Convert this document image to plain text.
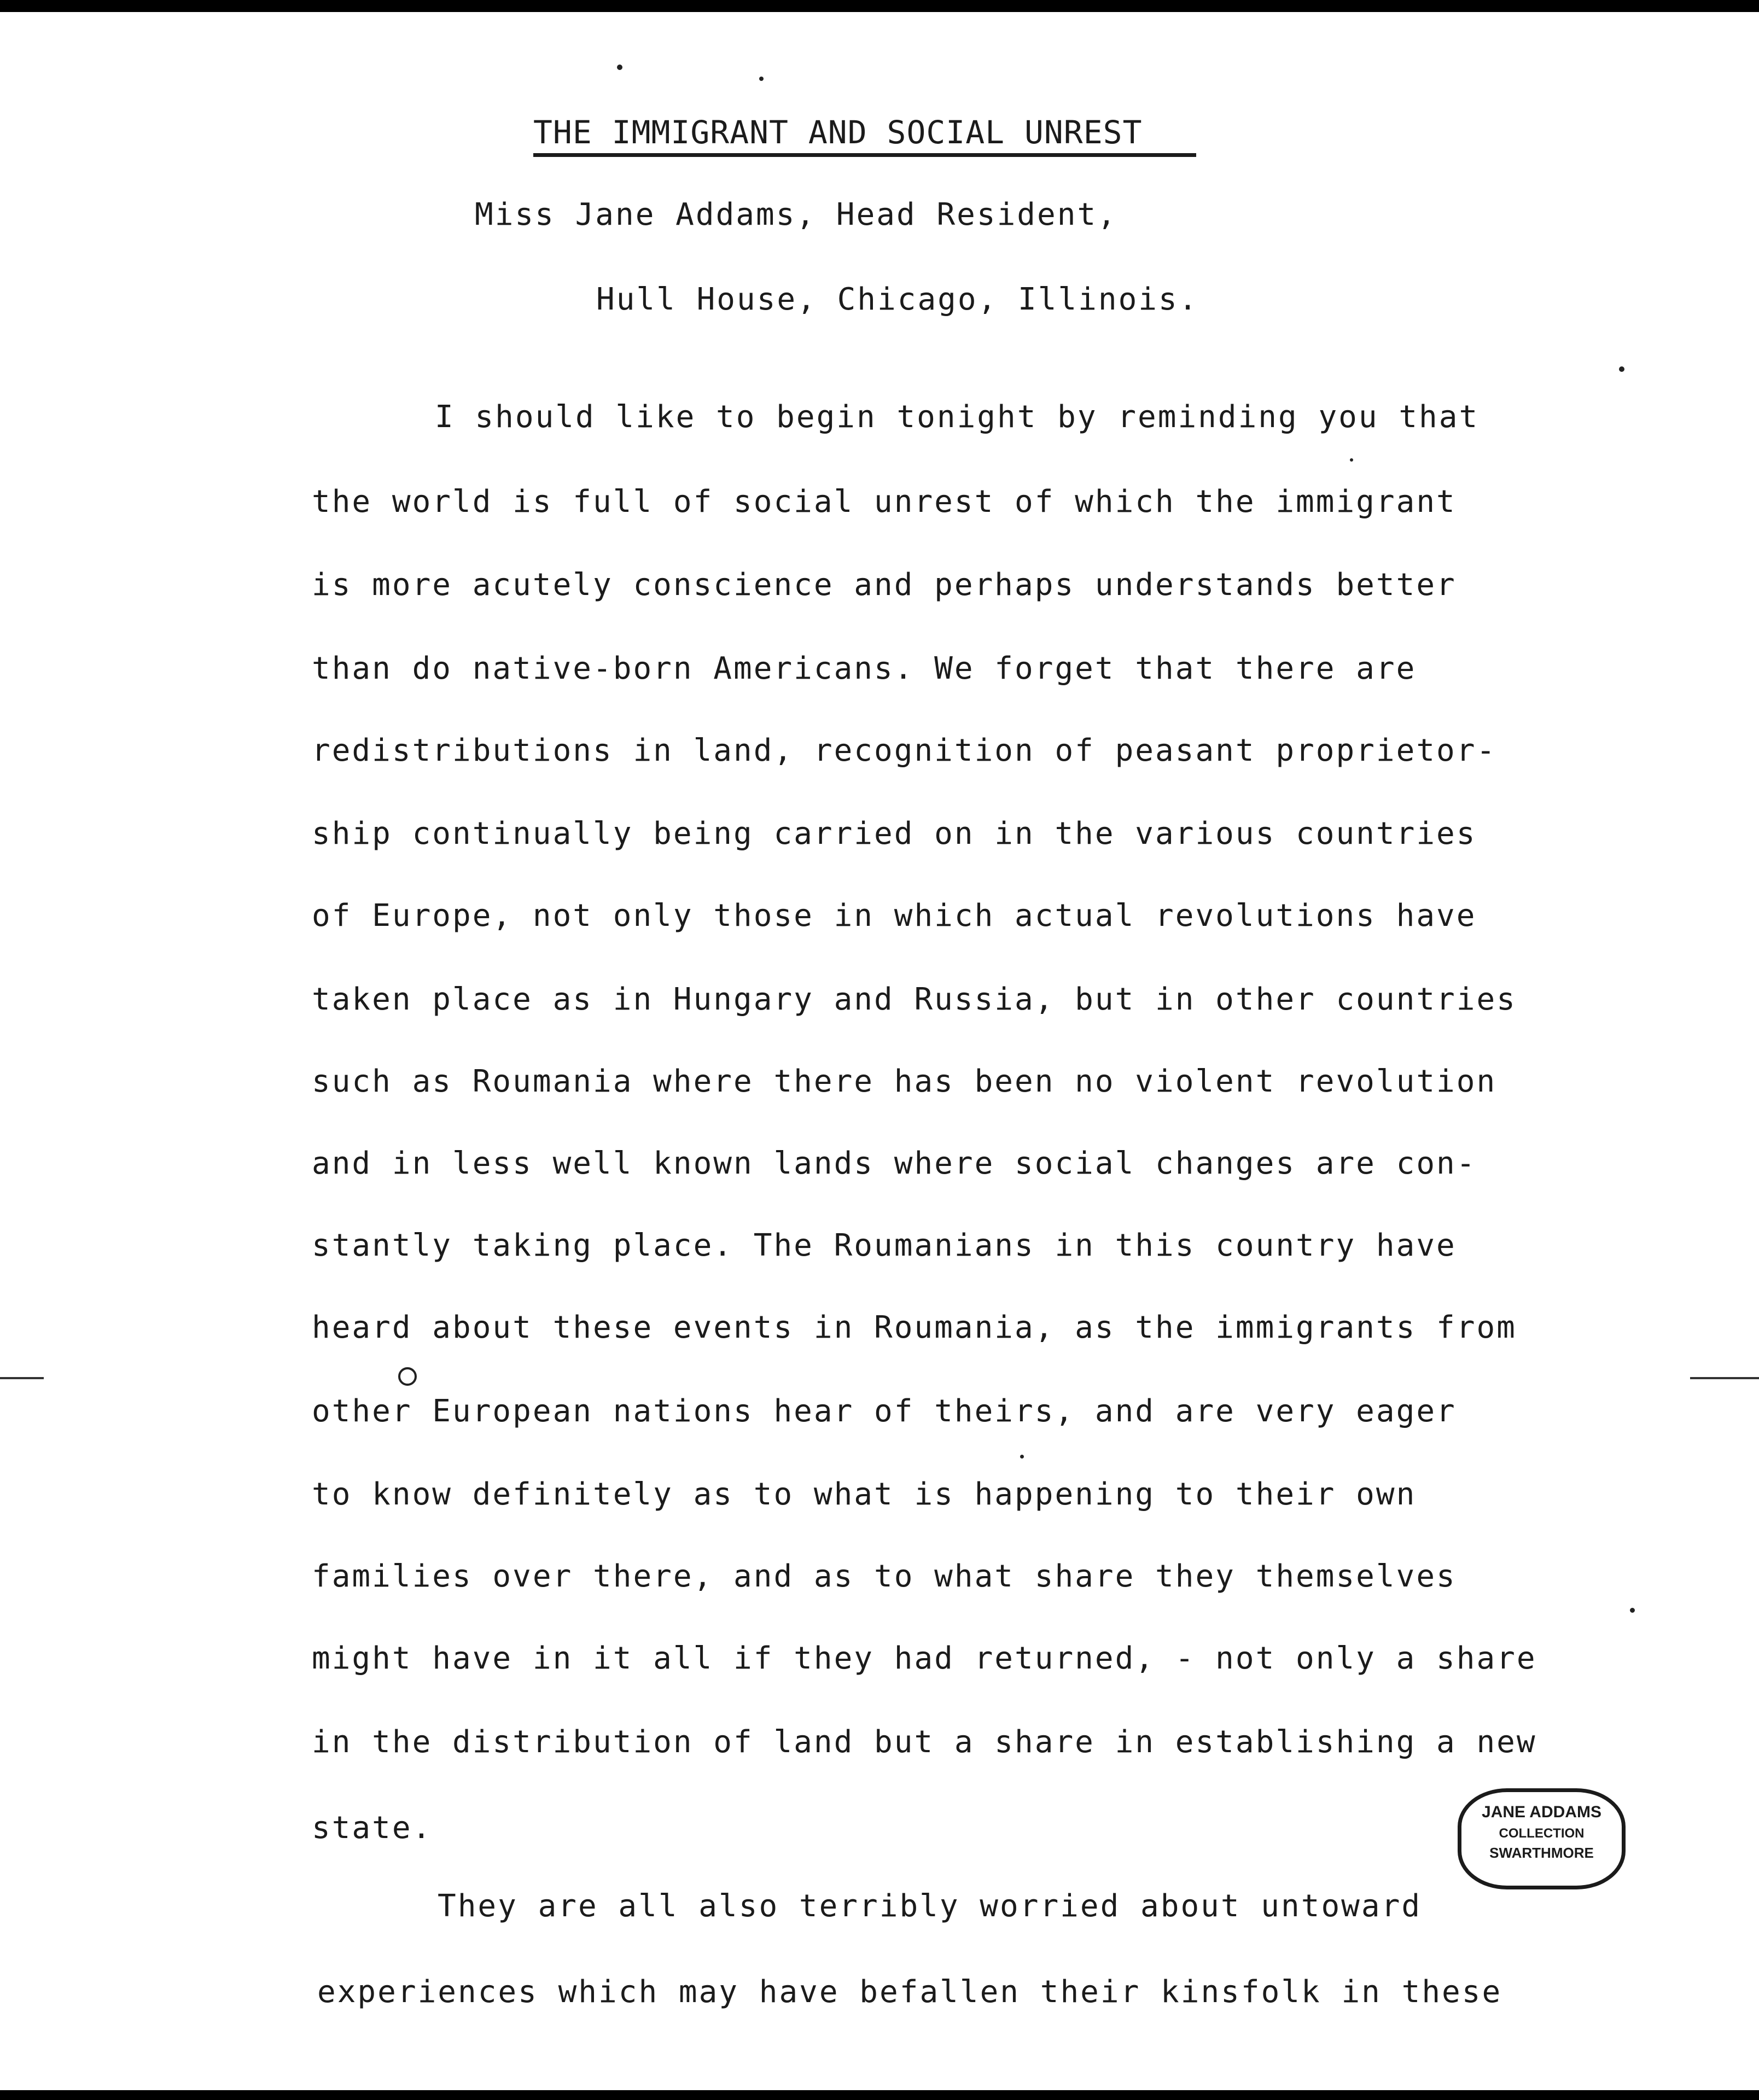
THE IMMIGRANT AND SOCIAL UNREST
Miss Jane Addams, Head Resident,
Hull House, Chicago, Illinois.
I should like to begin tonight by reminding you that
the world is full of social unrest of which the immigrant
is more acutely conscience and perhaps understands better
than do native-born Americans. We forget that there are
redistributions in land, recognition of peasant proprietor-
ship continually being carried on in the various countries
of Europe, not only those in which actual revolutions have
taken place as in Hungary and Russia, but in other countries
such as Roumania where there has been no violent revolution
and in less well known lands where social changes are con-
stantly taking place. The Roumanians in this country have
heard about these events in Roumania, as the immigrants from
other European nations hear of theirs, and are very eager
to know definitely as to what is happening to their own
families over there, and as to what share they themselves
might have in it all if they had returned, - not only a share
in the distribution of land but a share in establishing a new
state.
They are all also terribly worried about untoward
experiences which may have befallen their kinsfolk in these
JANE ADDAMS
COLLECTION
SWARTHMORE
